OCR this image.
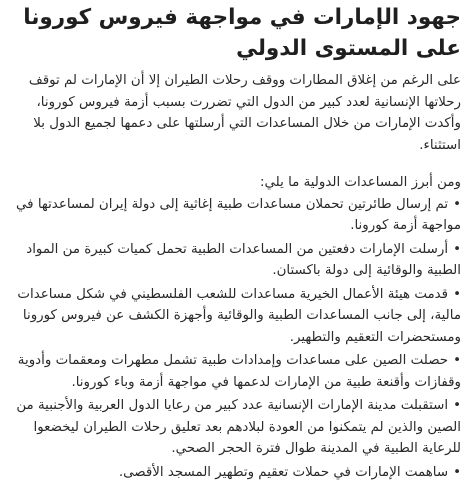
جهود الإمارات في مواجهة فيروس كورونا على المستوى الدولي

على الرغم من إغلاق المطارات ووقف رحلات الطيران إلا أن الإمارات لم توقف رحلاتها الإنسانية لعدد كبير من الدول التي تضررت بسبب أزمة فيروس كورونا، وأكدت الإمارات من خلال المساعدات التي أرسلتها على دعمها لجميع الدول بلا استثناء.

ومن أبرز المساعدات الدولية ما يلي:

•تم إرسال طائرتين تحملان مساعدات طبية إغاثية إلى دولة إيران لمساعدتها في مواجهة أزمة كورونا.
•أرسلت الإمارات دفعتين من المساعدات الطبية تحمل كميات كبيرة من المواد الطبية والوقائية إلى دولة باكستان.
•قدمت هيئة الأعمال الخيرية مساعدات للشعب الفلسطيني في شكل مساعدات مالية، إلى جانب المساعدات الطبية والوقائية وأجهزة الكشف عن فيروس كورونا ومستحضرات التعقيم والتطهير.
•حصلت الصين على مساعدات وإمدادات طبية تشمل مطهرات ومعقمات وأدوية وقفازات وأقنعة طبية من الإمارات لدعمها في مواجهة أزمة وباء كورونا.
•استقبلت مدينة الإمارات الإنسانية عدد كبير من رعايا الدول العربية والأجنبية من الصين والذين لم يتمكنوا من العودة لبلادهم بعد تعليق رحلات الطيران ليخضعوا للرعاية الطبية في المدينة طوال فترة الحجر الصحي.
•ساهمت الإمارات في حملات تعقيم وتطهير المسجد الأقصى.
